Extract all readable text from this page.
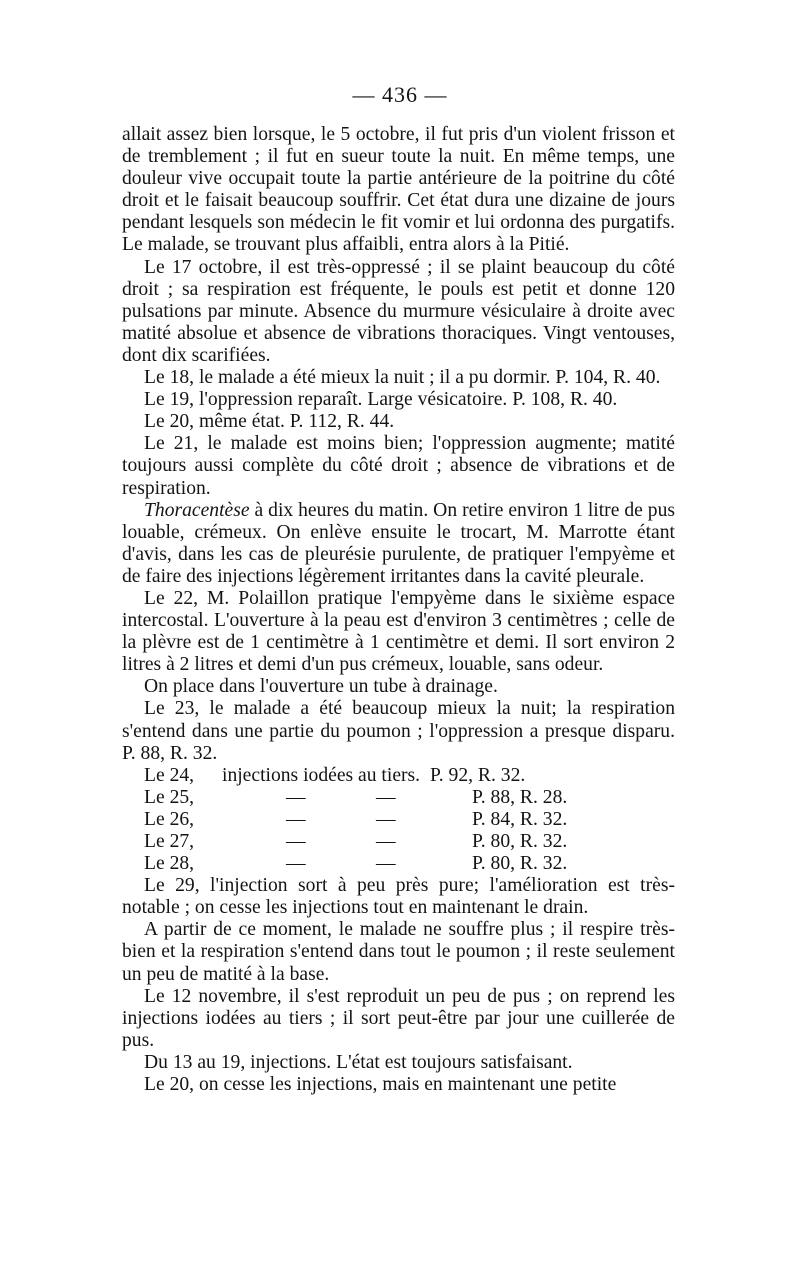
— 436 —

allait assez bien lorsque, le 5 octobre, il fut pris d'un violent frisson et de tremblement ; il fut en sueur toute la nuit. En même temps, une douleur vive occupait toute la partie antérieure de la poitrine du côté droit et le faisait beaucoup souffrir. Cet état dura une dizaine de jours pendant lesquels son médecin le fit vomir et lui ordonna des purgatifs. Le malade, se trouvant plus affaibli, entra alors à la Pitié.

Le 17 octobre, il est très-oppressé ; il se plaint beaucoup du côté droit ; sa respiration est fréquente, le pouls est petit et donne 120 pulsations par minute. Absence du murmure vésiculaire à droite avec matité absolue et absence de vibrations thoraciques. Vingt ventouses, dont dix scarifiées.

Le 18, le malade a été mieux la nuit ; il a pu dormir. P. 104, R. 40.

Le 19, l'oppression reparaît. Large vésicatoire. P. 108, R. 40.

Le 20, même état. P. 112, R. 44.

Le 21, le malade est moins bien; l'oppression augmente; matité toujours aussi complète du côté droit ; absence de vibrations et de respiration.

Thoracentèse à dix heures du matin. On retire environ 1 litre de pus louable, crémeux. On enlève ensuite le trocart, M. Marrotte étant d'avis, dans les cas de pleurésie purulente, de pratiquer l'empyème et de faire des injections légèrement irritantes dans la cavité pleurale.

Le 22, M. Polaillon pratique l'empyème dans le sixième espace intercostal. L'ouverture à la peau est d'environ 3 centimètres ; celle de la plèvre est de 1 centimètre à 1 centimètre et demi. Il sort environ 2 litres à 2 litres et demi d'un pus crémeux, louable, sans odeur.

On place dans l'ouverture un tube à drainage.

Le 23, le malade a été beaucoup mieux la nuit; la respiration s'entend dans une partie du poumon ; l'oppression a presque disparu. P. 88, R. 32.

Le 24,	injections iodées au tiers. P. 92, R. 32.
Le 25,	—	—	P. 88, R. 28.
Le 26,	—	—	P. 84, R. 32.
Le 27,	—	—	P. 80, R. 32.
Le 28,	—	—	P. 80, R. 32.

Le 29, l'injection sort à peu près pure; l'amélioration est très-notable ; on cesse les injections tout en maintenant le drain.

A partir de ce moment, le malade ne souffre plus ; il respire très-bien et la respiration s'entend dans tout le poumon ; il reste seulement un peu de matité à la base.

Le 12 novembre, il s'est reproduit un peu de pus ; on reprend les injections iodées au tiers ; il sort peut-être par jour une cuillerée de pus.

Du 13 au 19, injections. L'état est toujours satisfaisant.

Le 20, on cesse les injections, mais en maintenant une petite
